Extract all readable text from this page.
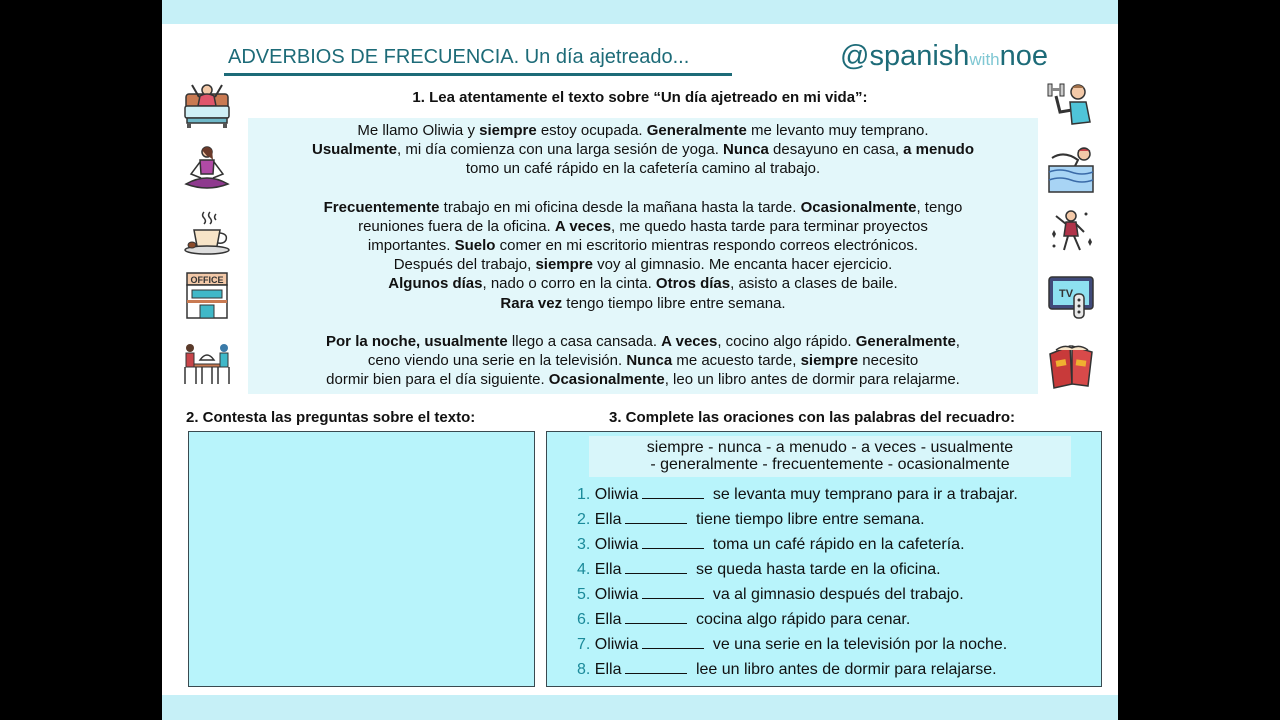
ADVERBIOS DE FRECUENCIA. Un día ajetreado...	@spanishwithnoe
1. Lea atentamente el texto sobre “Un día ajetreado en mi vida”:
OFFICE

Me llamo Oliwia y siempre estoy ocupada. Generalmente me levanto muy temprano.

Usualmente, mi día comienza con una larga sesión de yoga. Nunca desayuno en casa, a menudo

tomo un café rápido en la cafetería camino al trabajo.

Frecuentemente trabajo en mi oficina desde la mañana hasta la tarde. Ocasionalmente, tengo

reuniones fuera de la oficina. A veces, me quedo hasta tarde para terminar proyectos

importantes. Suelo comer en mi escritorio mientras respondo correos electrónicos.

Después del trabajo, siempre voy al gimnasio. Me encanta hacer ejercicio.

Algunos días, nado o corro en la cinta. Otros días, asisto a clases de baile.

Rara vez tengo tiempo libre entre semana.

Por la noche, usualmente llego a casa cansada. A veces, cocino algo rápido. Generalmente,

ceno viendo una serie en la televisión. Nunca me acuesto tarde, siempre necesito

dormir bien para el día siguiente. Ocasionalmente, leo un libro antes de dormir para relajarme.

TV
2. Contesta las preguntas sobre el texto:	3. Complete las oraciones con las palabras del recuadro:
siempre - nunca - a menudo - a veces - usualmente
- generalmente - frecuentemente - ocasionalmente
1. Oliwia	se levanta muy temprano para ir a trabajar.
2. Ella	tiene tiempo libre entre semana.
3. Oliwia	toma un café rápido en la cafetería.
4. Ella	se queda hasta tarde en la oficina.
5. Oliwia	va al gimnasio después del trabajo.
6. Ella	cocina algo rápido para cenar.
7. Oliwia	ve una serie en la televisión por la noche.
8. Ella	lee un libro antes de dormir para relajarse.
